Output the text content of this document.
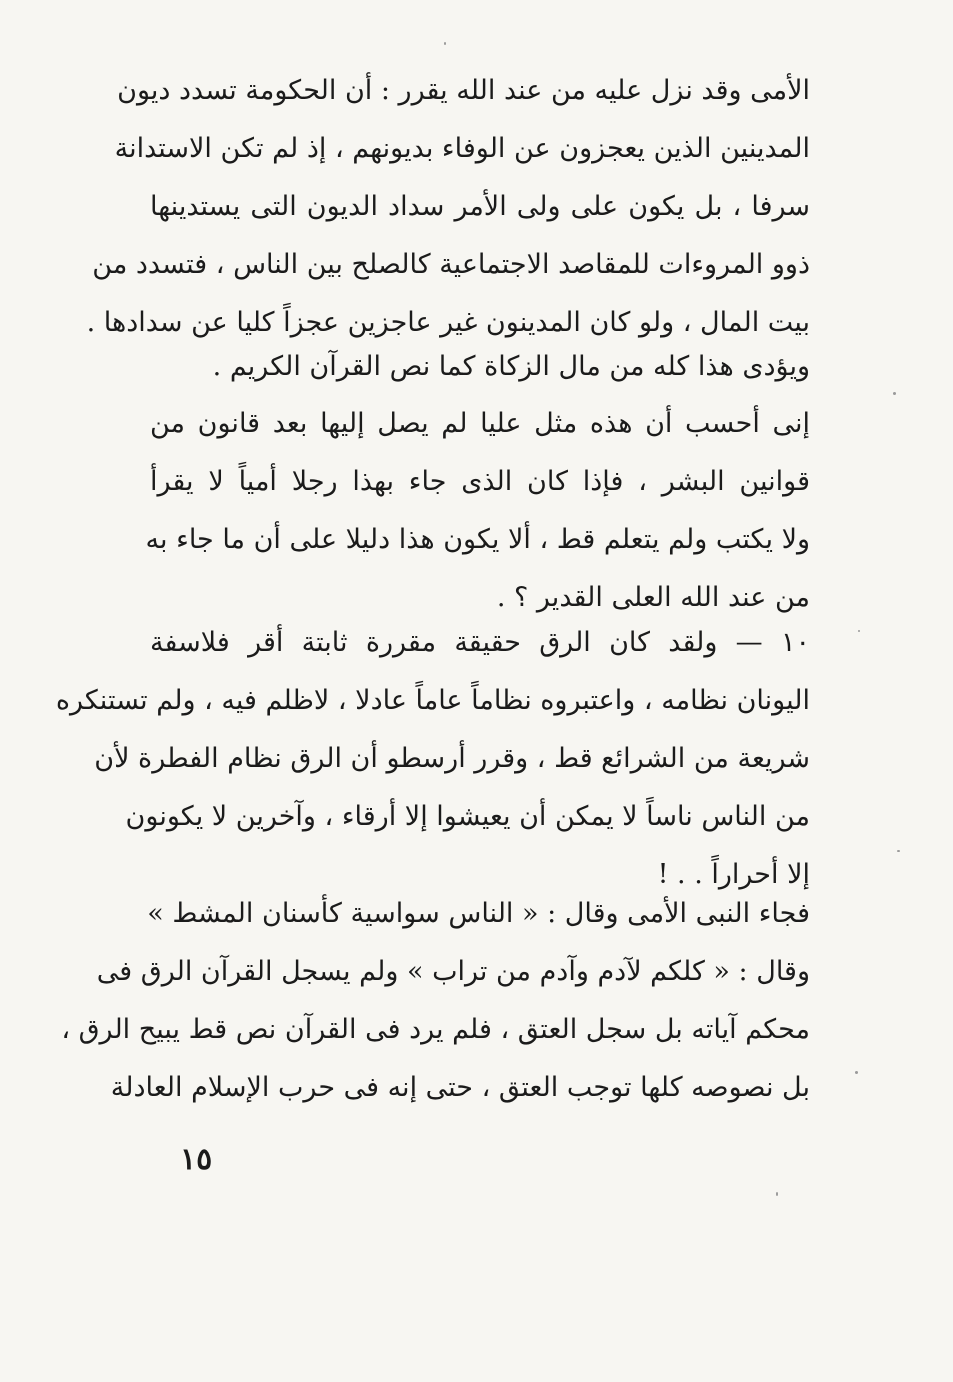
الأمى وقد نزل عليه من عند الله يقرر : أن الحكومة تسدد ديون
المدينين الذين يعجزون عن الوفاء بديونهم ، إذ لم تكن الاستدانة
سرفا ، بل يكون على ولى الأمر سداد الديون التى يستدينها
ذوو المروءات للمقاصد الاجتماعية كالصلح بين الناس ، فتسدد من
بيت المال ، ولو كان المدينون غير عاجزين عجزاً كليا عن سدادها .
ويؤدى هذا كله من مال الزكاة كما نص القرآن الكريم .
إنى أحسب أن هذه مثل عليا لم يصل إليها بعد قانون من
قوانين البشر ، فإذا كان الذى جاء بهذا رجلا أمياً لا يقرأ
ولا يكتب ولم يتعلم قط ، ألا يكون هذا دليلا على أن ما جاء به
من عند الله العلى القدير ؟ .
١٠ — ولقد كان الرق حقيقة مقررة ثابتة أقر فلاسفة
اليونان نظامه ، واعتبروه نظاماً عاماً عادلا ، لاظلم فيه ، ولم تستنكره
شريعة من الشرائع قط ، وقرر أرسطو أن الرق نظام الفطرة لأن
من الناس ناساً لا يمكن أن يعيشوا إلا أرقاء ، وآخرين لا يكونون
إلا أحراراً . . !
فجاء النبى الأمى وقال : « الناس سواسية كأسنان المشط »
وقال : « كلكم لآدم وآدم من تراب » ولم يسجل القرآن الرق فى
محكم آياته بل سجل العتق ، فلم يرد فى القرآن نص قط يبيح الرق ،
بل نصوصه كلها توجب العتق ، حتى إنه فى حرب الإسلام العادلة
١٥
